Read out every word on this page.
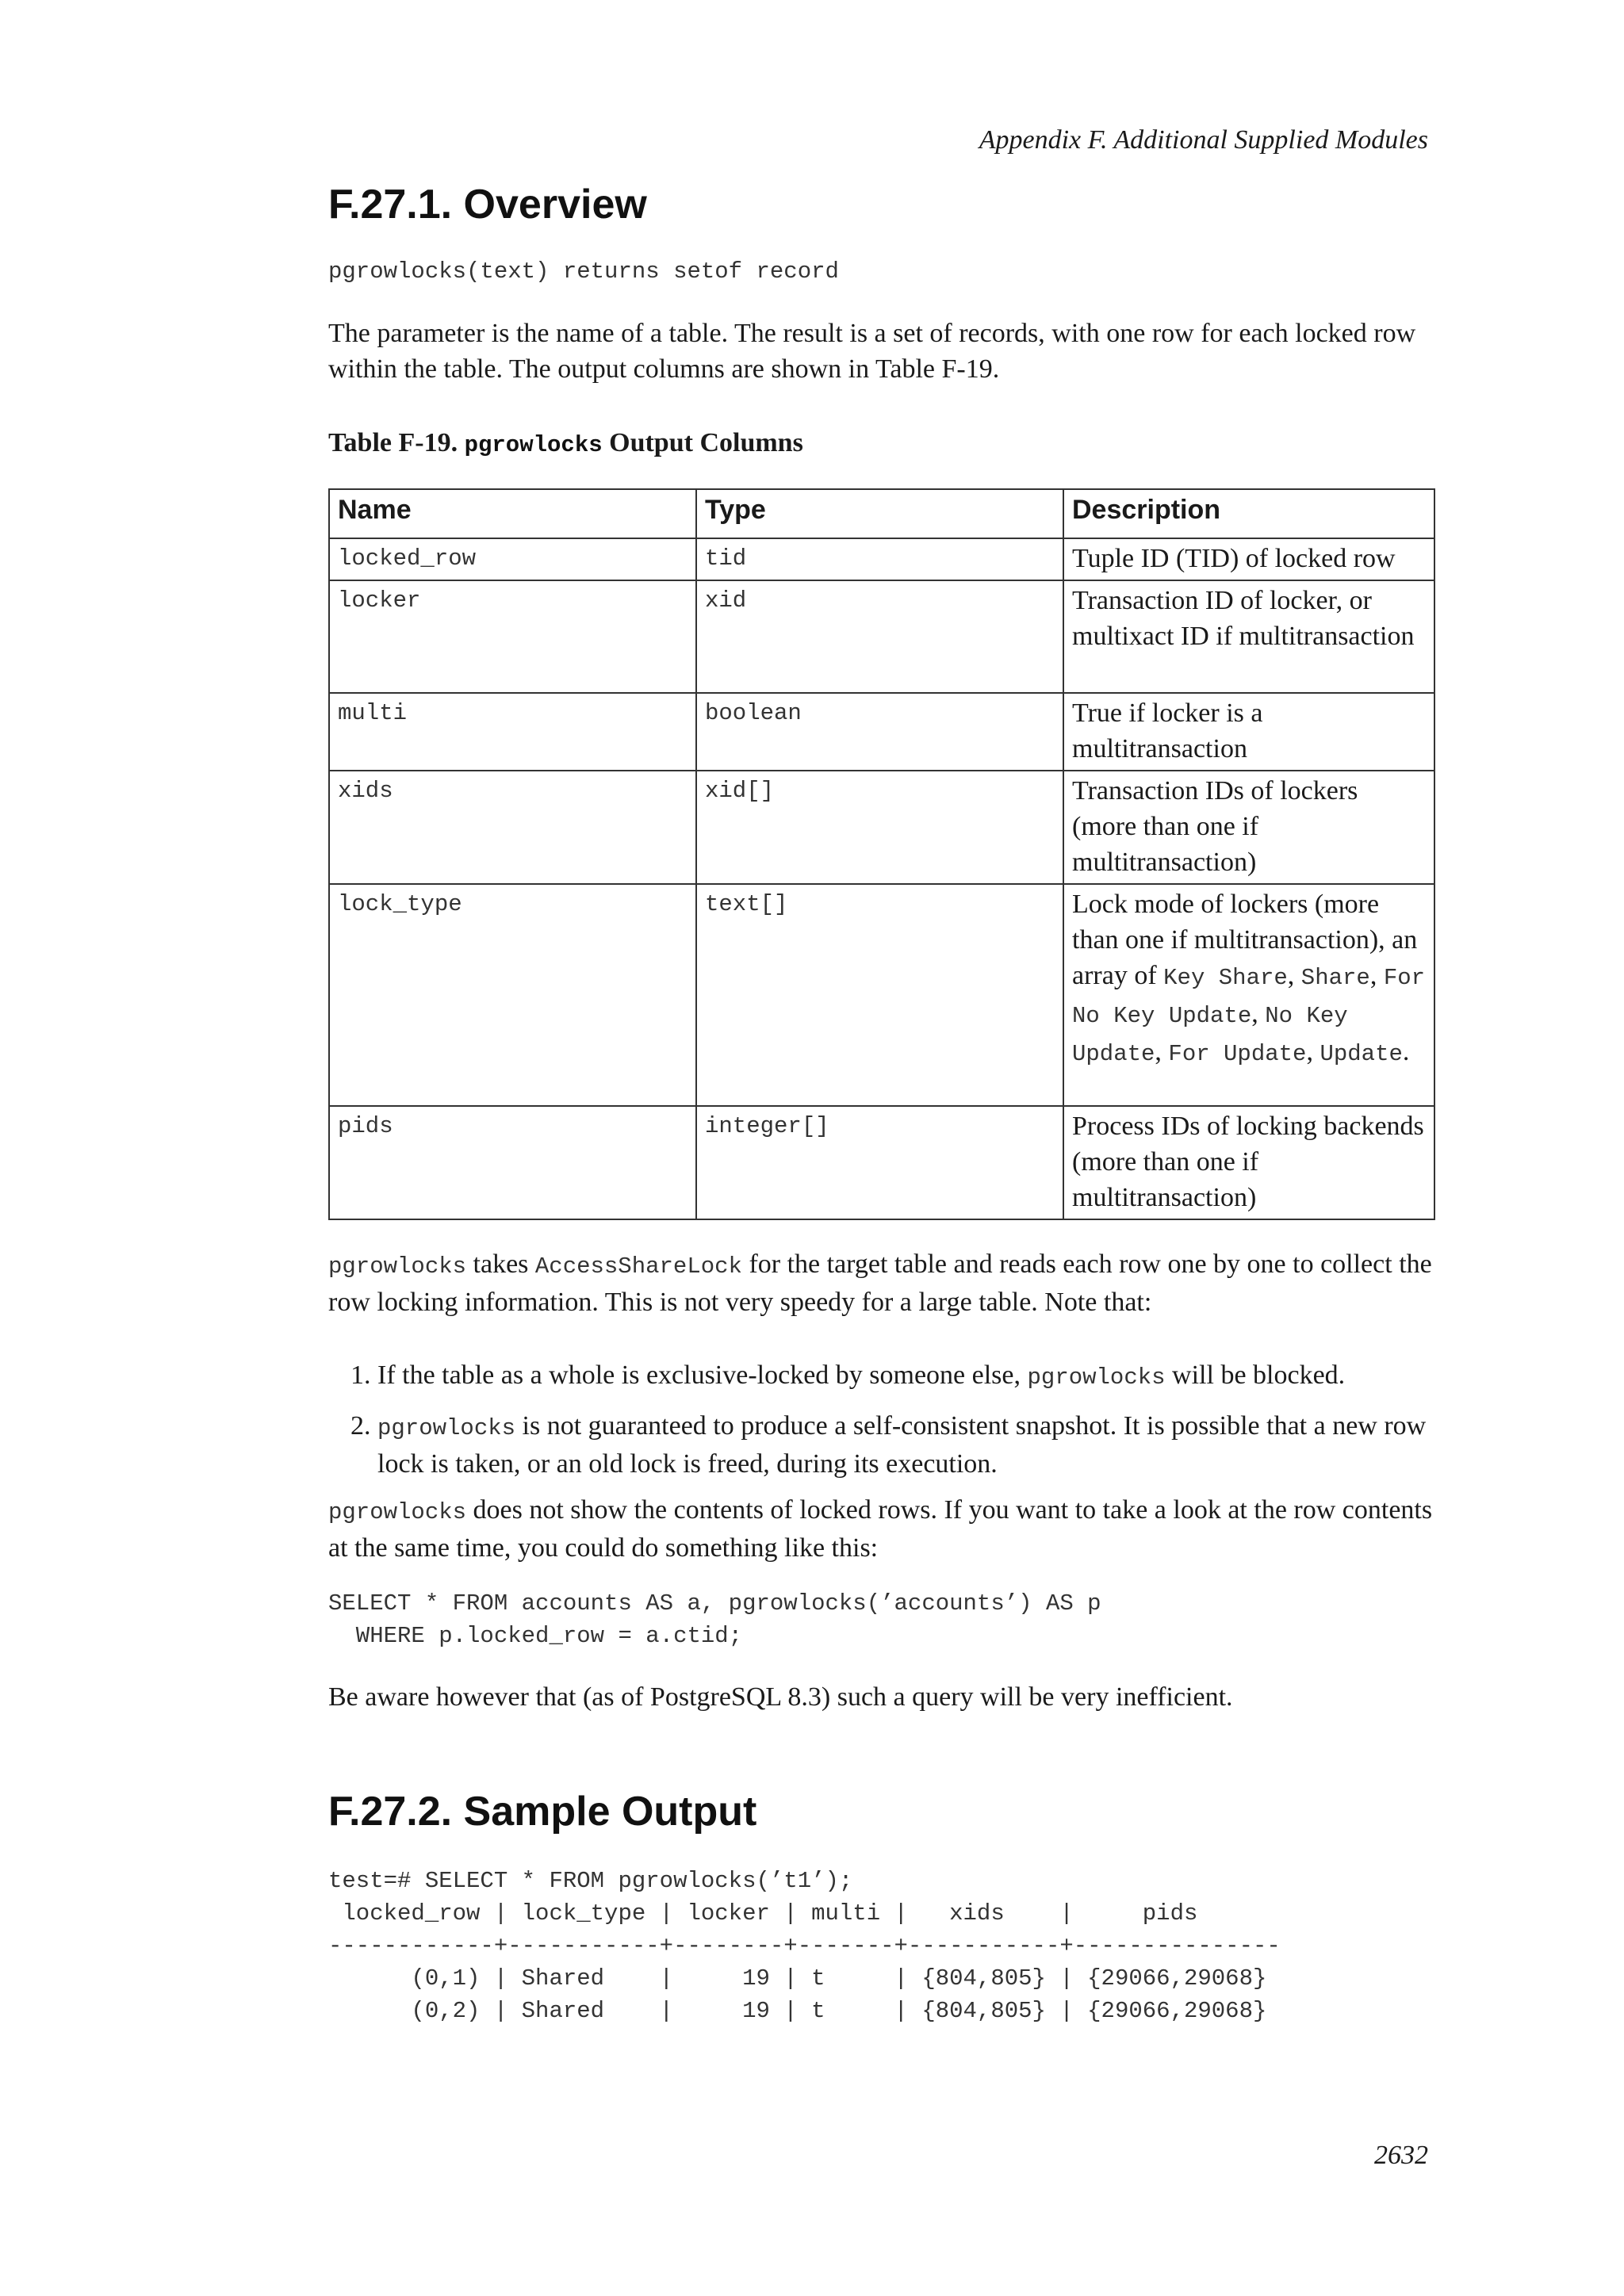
Appendix F. Additional Supplied Modules
F.27.1. Overview
pgrowlocks(text) returns setof record

The parameter is the name of a table. The result is a set of records, with one row for each locked row within the table. The output columns are shown in Table F-19.

Table F-19. pgrowlocks Output Columns
Name	Type	Description
locked_row	tid	Tuple ID (TID) of locked row
locker	xid	Transaction ID of locker, or multixact ID if multitransaction
multi	boolean	True if locker is a multitransaction
xids	xid[]	Transaction IDs of lockers (more than one if multitransaction)
lock_type	text[]	Lock mode of lockers (more than one if multitransaction), an array of Key Share, Share, For No Key Update, No Key Update, For Update, Update.
pids	integer[]	Process IDs of locking backends (more than one if multitransaction)

pgrowlocks takes AccessShareLock for the target table and reads each row one by one to collect the row locking information. This is not very speedy for a large table. Note that:

1. If the table as a whole is exclusive-locked by someone else, pgrowlocks will be blocked.
2. pgrowlocks is not guaranteed to produce a self-consistent snapshot. It is possible that a new row lock is taken, or an old lock is freed, during its execution.

pgrowlocks does not show the contents of locked rows. If you want to take a look at the row contents at the same time, you could do something like this:

SELECT * FROM accounts AS a, pgrowlocks(’accounts’) AS p
WHERE p.locked_row = a.ctid;

Be aware however that (as of PostgreSQL 8.3) such a query will be very inefficient.

F.27.2. Sample Output
test=# SELECT * FROM pgrowlocks(’t1’);
locked_row | lock_type | locker | multi |   xids    |     pids
------------+-----------+--------+-------+-----------+---------------
(0,1) | Shared    |     19 | t     | {804,805} | {29066,29068}
(0,2) | Shared    |     19 | t     | {804,805} | {29066,29068}
2632
